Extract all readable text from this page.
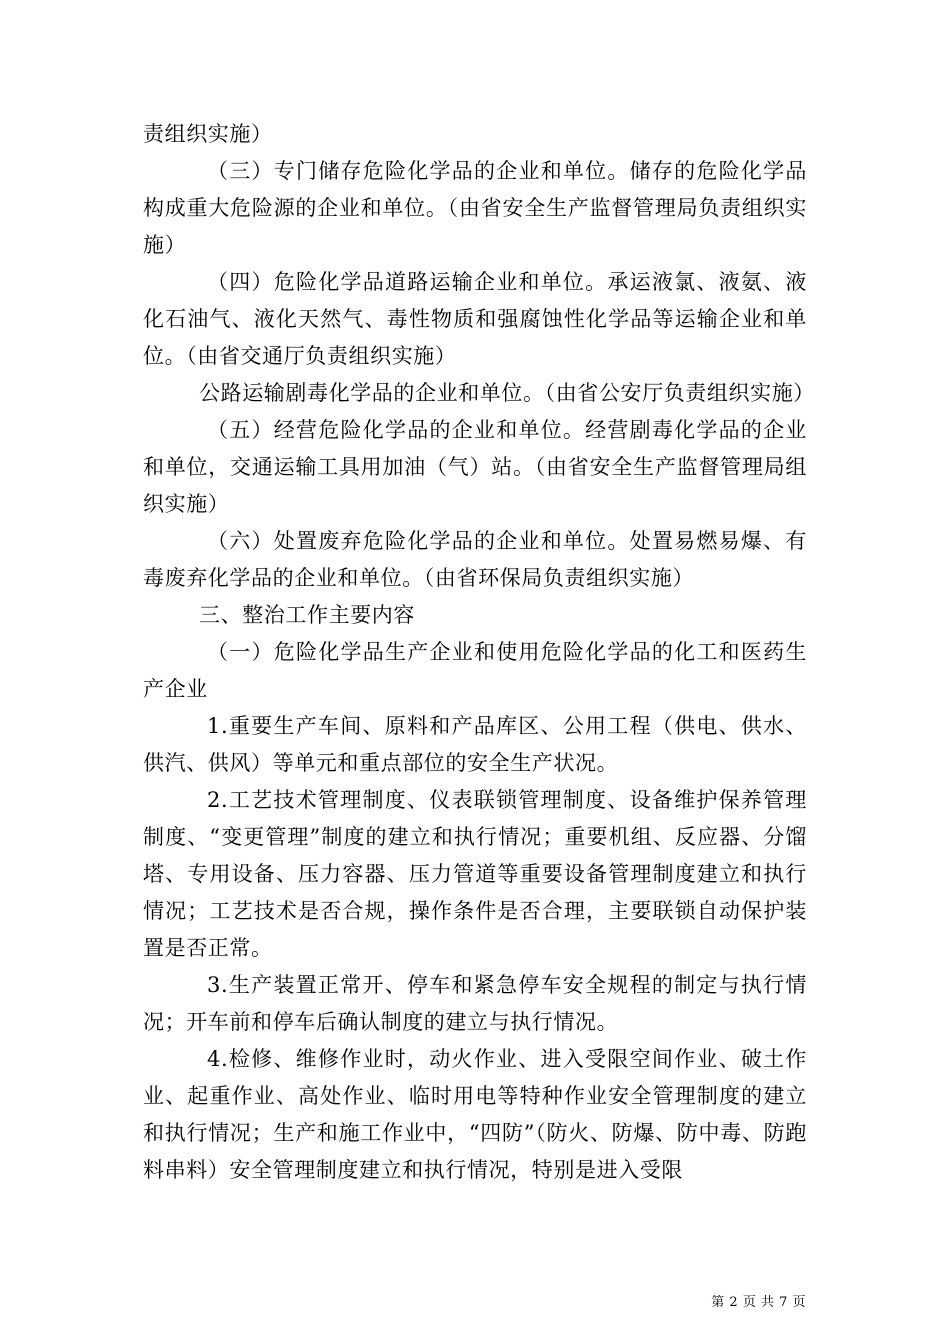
责组织实施）

（三）专门储存危险化学品的企业和单位。储存的危险化学品构成重大危险源的企业和单位。（由省安全生产监督管理局负责组织实施）

（四）危险化学品道路运输企业和单位。承运液氯、液氨、液化石油气、液化天然气、毒性物质和强腐蚀性化学品等运输企业和单位。（由省交通厅负责组织实施）

公路运输剧毒化学品的企业和单位。（由省公安厅负责组织实施）

（五）经营危险化学品的企业和单位。经营剧毒化学品的企业和单位，交通运输工具用加油（气）站。（由省安全生产监督管理局组织实施）

（六）处置废弃危险化学品的企业和单位。处置易燃易爆、有毒废弃化学品的企业和单位。（由省环保局负责组织实施）

三、整治工作主要内容

（一）危险化学品生产企业和使用危险化学品的化工和医药生产企业

1.重要生产车间、原料和产品库区、公用工程（供电、供水、供汽、供风）等单元和重点部位的安全生产状况。

2.工艺技术管理制度、仪表联锁管理制度、设备维护保养管理制度、“变更管理”制度的建立和执行情况；重要机组、反应器、分馏塔、专用设备、压力容器、压力管道等重要设备管理制度建立和执行情况；工艺技术是否合规，操作条件是否合理，主要联锁自动保护装置是否正常。

3.生产装置正常开、停车和紧急停车安全规程的制定与执行情况；开车前和停车后确认制度的建立与执行情况。

4.检修、维修作业时，动火作业、进入受限空间作业、破土作业、起重作业、高处作业、临时用电等特种作业安全管理制度的建立和执行情况；生产和施工作业中，“四防”（防火、防爆、防中毒、防跑料串料）安全管理制度建立和执行情况，特别是进入受限

第 2 页 共 7 页
